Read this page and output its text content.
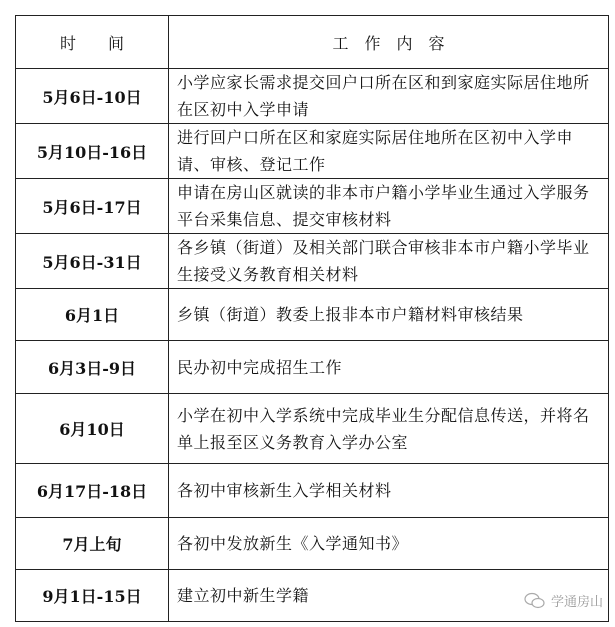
时　　间	工　作　内　容
5月6日-10日	小学应家长需求提交回户口所在区和到家庭实际居住地所在区初中入学申请
5月10日-16日	进行回户口所在区和家庭实际居住地所在区初中入学申请、审核、登记工作
5月6日-17日	申请在房山区就读的非本市户籍小学毕业生通过入学服务平台采集信息、提交审核材料
5月6日-31日	各乡镇（街道）及相关部门联合审核非本市户籍小学毕业生接受义务教育相关材料
6月1日	乡镇（街道）教委上报非本市户籍材料审核结果
6月3日-9日	民办初中完成招生工作
6月10日	小学在初中入学系统中完成毕业生分配信息传送，并将名单上报至区义务教育入学办公室
6月17日-18日	各初中审核新生入学相关材料
7月上旬	各初中发放新生《入学通知书》
9月1日-15日	建立初中新生学籍	学通房山
